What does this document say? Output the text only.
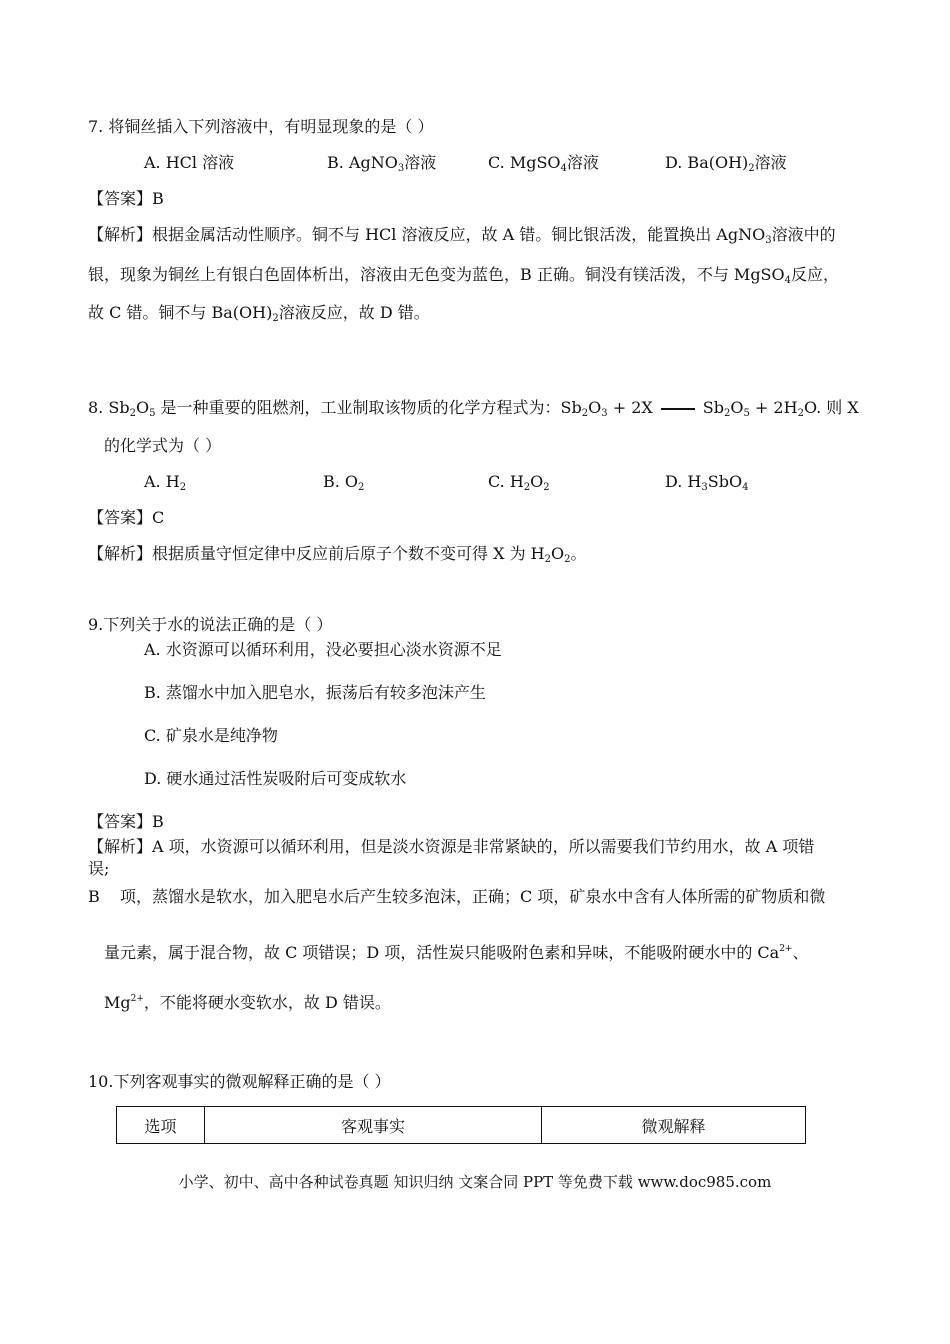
7. 将铜丝插入下列溶液中，有明显现象的是（ ）
A. HCl 溶液	B. AgNO$_3$溶液	C. MgSO$_4$溶液	D. $Ba(OH)_2$溶液
【答案】B
【解析】根据金属活动性顺序。铜不与 HCl 溶液反应，故 A 错。铜比银活泼，能置换出 AgNO$_3$溶液中的
银，现象为铜丝上有银白色固体析出，溶液由无色变为蓝色，B 正确。铜没有镁活泼，不与 MgSO$_4$反应，
故 C 错。铜不与 $Ba(OH)_2$溶液反应，故 D 错。
8. $Sb_2O_5$ 是一种重要的阻燃剂，工业制取该物质的化学方程式为：$Sb_2O_3 + 2X$	$Sb_2O_5 + 2H_2O$. 则 X
的化学式为（ ）
A. $H_2$	B. $O_2$	C. $H_2O_2$	D. $H_3SbO_4$
【答案】C
【解析】根据质量守恒定律中反应前后原子个数不变可得 X 为 $H_2O_2$。
9.下列关于水的说法正确的是（ ）
A. 水资源可以循环利用，没必要担心淡水资源不足
B. 蒸馏水中加入肥皂水，振荡后有较多泡沫产生
C. 矿泉水是纯净物
D. 硬水通过活性炭吸附后可变成软水
【答案】B
【解析】A 项，水资源可以循环利用，但是淡水资源是非常紧缺的，所以需要我们节约用水，故 A 项错
误;
B 项，蒸馏水是软水，加入肥皂水后产生较多泡沫，正确；C 项，矿泉水中含有人体所需的矿物质和微
量元素，属于混合物，故 C 项错误；D 项，活性炭只能吸附色素和异味，不能吸附硬水中的 $Ca^{2+}$、
$Mg^{2+}$，不能将硬水变软水，故 D 错误。
10.下列客观事实的微观解释正确的是（ ）
选项	客观事实	微观解释
小学、初中、高中各种试卷真题 知识归纳 文案合同 PPT 等免费下载 www.doc985.com
